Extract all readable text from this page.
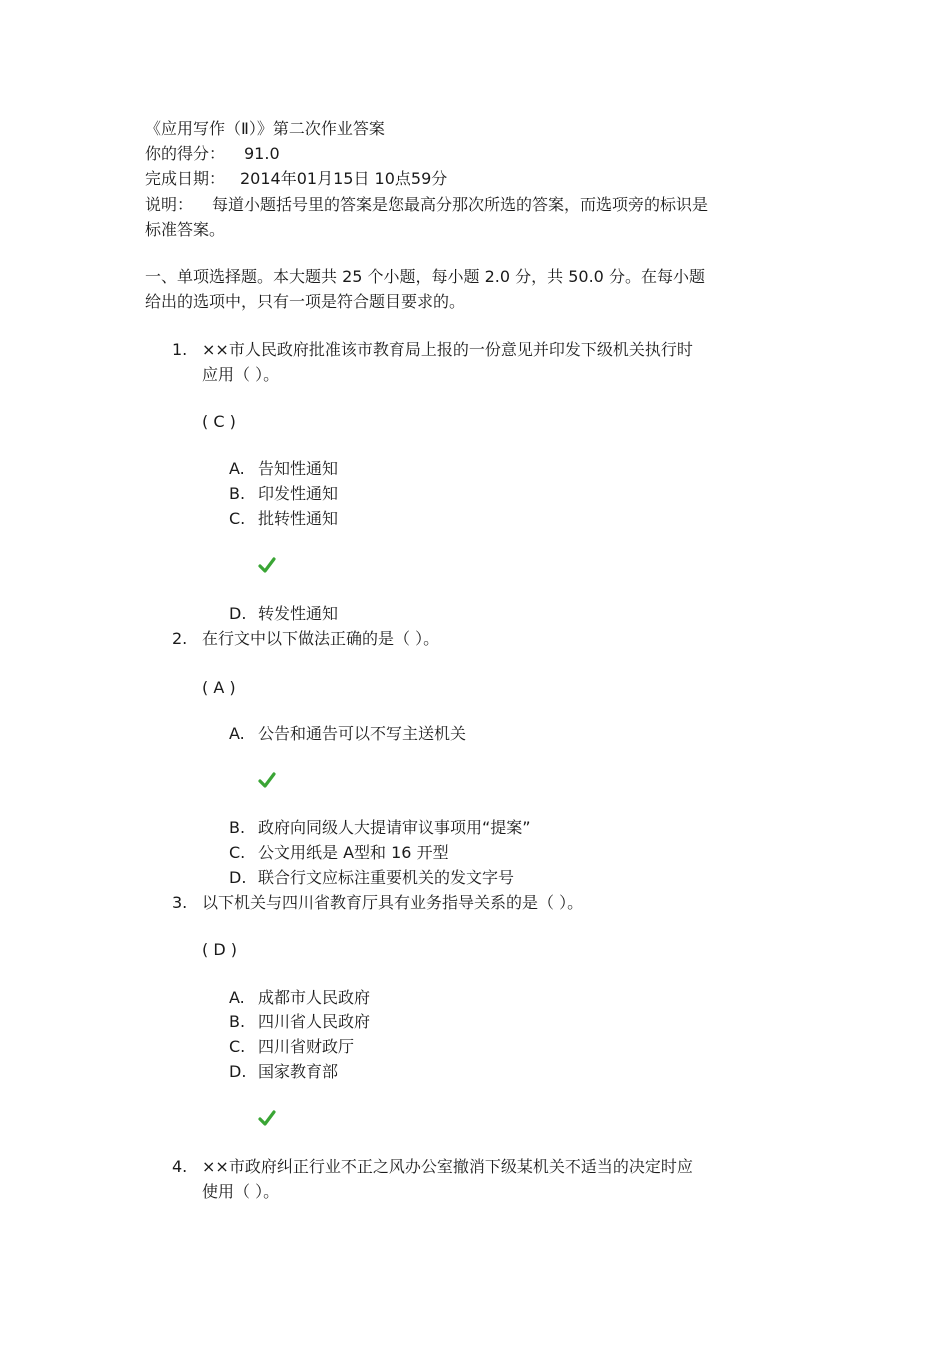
《应用写作（Ⅱ）》第二次作业答案
你的得分： 91.0
完成日期： 2014年01月15日 10点59分
说明： 每道小题括号里的答案是您最高分那次所选的答案，而选项旁的标识是
标准答案。
一、单项选择题。本大题共 25 个小题，每小题 2.0 分，共 50.0 分。在每小题
给出的选项中，只有一项是符合题目要求的。
1. ××市人民政府批准该市教育局上报的一份意见并印发下级机关执行时
应用（ ）。
( C )
A. 告知性通知
B. 印发性通知
C. 批转性通知
D. 转发性通知
2. 在行文中以下做法正确的是（ ）。
( A )
A. 公告和通告可以不写主送机关
B. 政府向同级人大提请审议事项用“提案”
C. 公文用纸是 A型和 16 开型
D. 联合行文应标注重要机关的发文字号
3. 以下机关与四川省教育厅具有业务指导关系的是（ ）。
( D )
A. 成都市人民政府
B. 四川省人民政府
C. 四川省财政厅
D. 国家教育部
4. ××市政府纠正行业不正之风办公室撤消下级某机关不适当的决定时应
使用（ ）。
